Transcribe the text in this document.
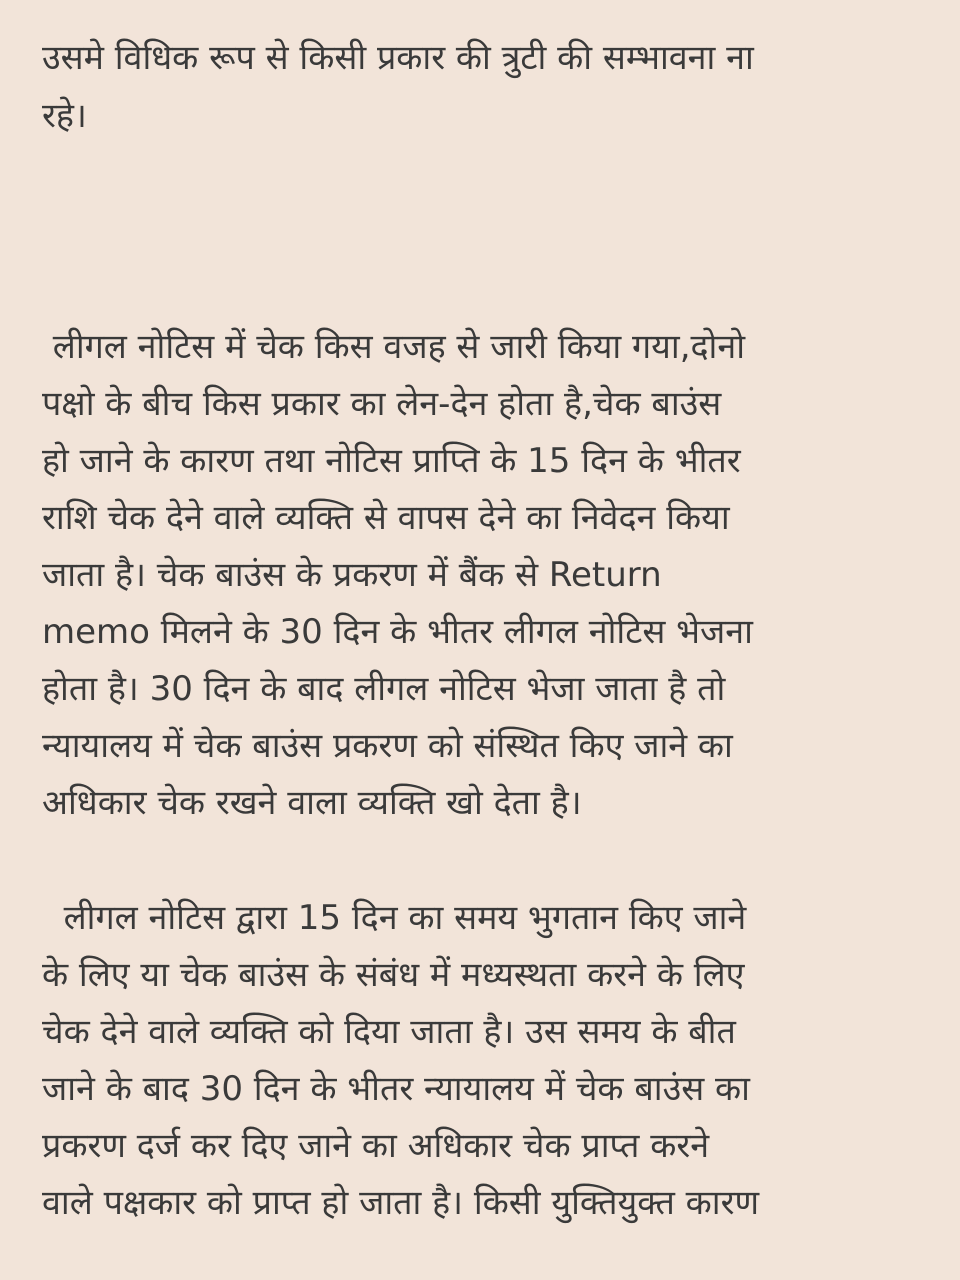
उसमे विधिक रूप से किसी प्रकार की त्रुटी की सम्भावना ना
रहे।
लीगल नोटिस में चेक किस वजह से जारी किया गया,दोनो
पक्षो के बीच किस प्रकार का लेन-देन होता है,चेक बाउंस
हो जाने के कारण तथा नोटिस प्राप्ति के 15 दिन के भीतर
राशि चेक देने वाले व्यक्ति से वापस देने का निवेदन किया
जाता है। चेक बाउंस के प्रकरण में बैंक से Return
memo मिलने के 30 दिन के भीतर लीगल नोटिस भेजना
होता है। 30 दिन के बाद लीगल नोटिस भेजा जाता है तो
न्यायालय में चेक बाउंस प्रकरण को संस्थित किए जाने का
अधिकार चेक रखने वाला व्यक्ति खो देता है।
लीगल नोटिस द्वारा 15 दिन का समय भुगतान किए जाने
के लिए या चेक बाउंस के संबंध में मध्यस्थता करने के लिए
चेक देने वाले व्यक्ति को दिया जाता है। उस समय के बीत
जाने के बाद 30 दिन के भीतर न्यायालय में चेक बाउंस का
प्रकरण दर्ज कर दिए जाने का अधिकार चेक प्राप्त करने
वाले पक्षकार को प्राप्त हो जाता है। किसी युक्तियुक्त कारण
